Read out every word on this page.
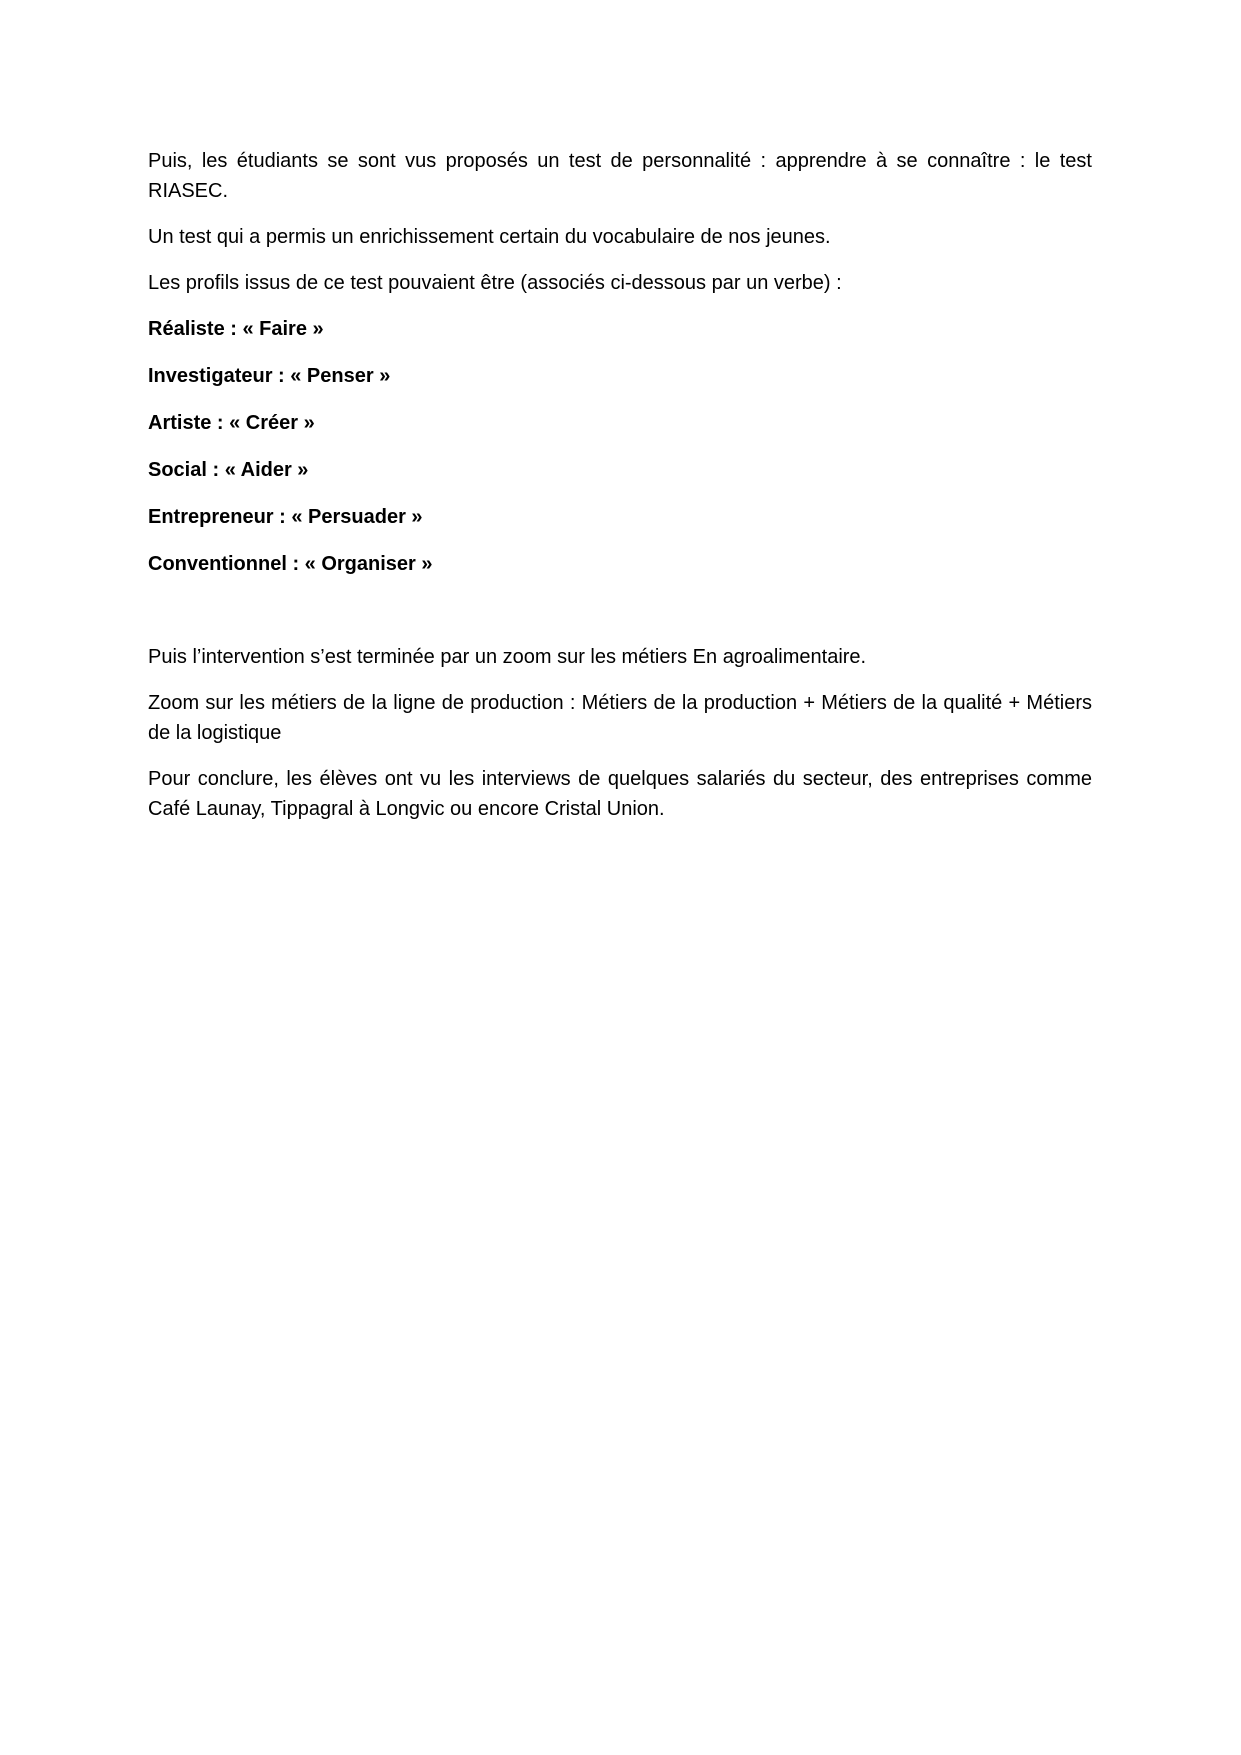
Puis, les étudiants se sont vus proposés un test de personnalité : apprendre à se connaître : le test RIASEC.

Un test qui a permis un enrichissement certain du vocabulaire de nos jeunes.

Les profils issus de ce test pouvaient être (associés ci-dessous par un verbe) :

Réaliste : « Faire »

Investigateur : « Penser »

Artiste : « Créer »

Social : « Aider »

Entrepreneur : « Persuader »

Conventionnel : « Organiser »

Puis l’intervention s’est terminée par un zoom sur les métiers En agroalimentaire.

Zoom sur les métiers de la ligne de production : Métiers de la production + Métiers de la qualité + Métiers de la logistique

Pour conclure, les élèves ont vu les interviews de quelques salariés du secteur, des entreprises comme Café Launay, Tippagral à Longvic ou encore Cristal Union.
